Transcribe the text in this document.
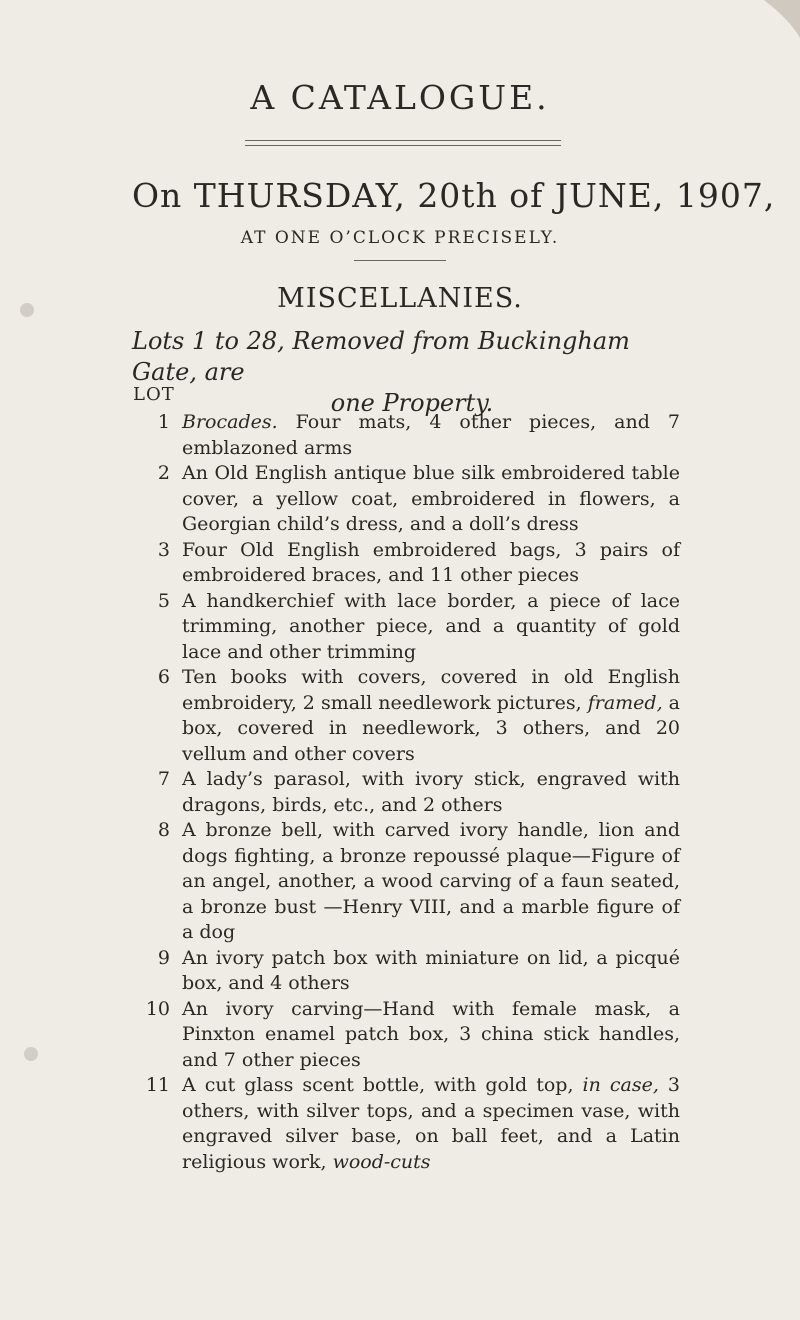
A CATALOGUE.
On THURSDAY, 20th of JUNE, 1907,
AT ONE O’CLOCK PRECISELY.
MISCELLANIES.
Lots 1 to 28, Removed from Buckingham Gate, are
one Property.
LOT
1 Brocades. Four mats, 4 other pieces, and 7 emblazoned arms
2 An Old English antique blue silk embroidered table cover, a yellow coat, embroidered in flowers, a Georgian child’s dress, and a doll’s dress
3 Four Old English embroidered bags, 3 pairs of embroidered braces, and 11 other pieces
5 A handkerchief with lace border, a piece of lace trimming, another piece, and a quantity of gold lace and other trimming
6 Ten books with covers, covered in old English embroidery, 2 small needlework pictures, framed, a box, covered in needlework, 3 others, and 20 vellum and other covers
7 A lady’s parasol, with ivory stick, engraved with dragons, birds, etc., and 2 others
8 A bronze bell, with carved ivory handle, lion and dogs fighting, a bronze repoussé plaque—Figure of an angel, another, a wood carving of a faun seated, a bronze bust —Henry VIII, and a marble figure of a dog
9 An ivory patch box with miniature on lid, a picqué box, and 4 others
10 An ivory carving—Hand with female mask, a Pinxton enamel patch box, 3 china stick handles, and 7 other pieces
11 A cut glass scent bottle, with gold top, in case, 3 others, with silver tops, and a specimen vase, with engraved silver base, on ball feet, and a Latin religious work, wood-cuts
